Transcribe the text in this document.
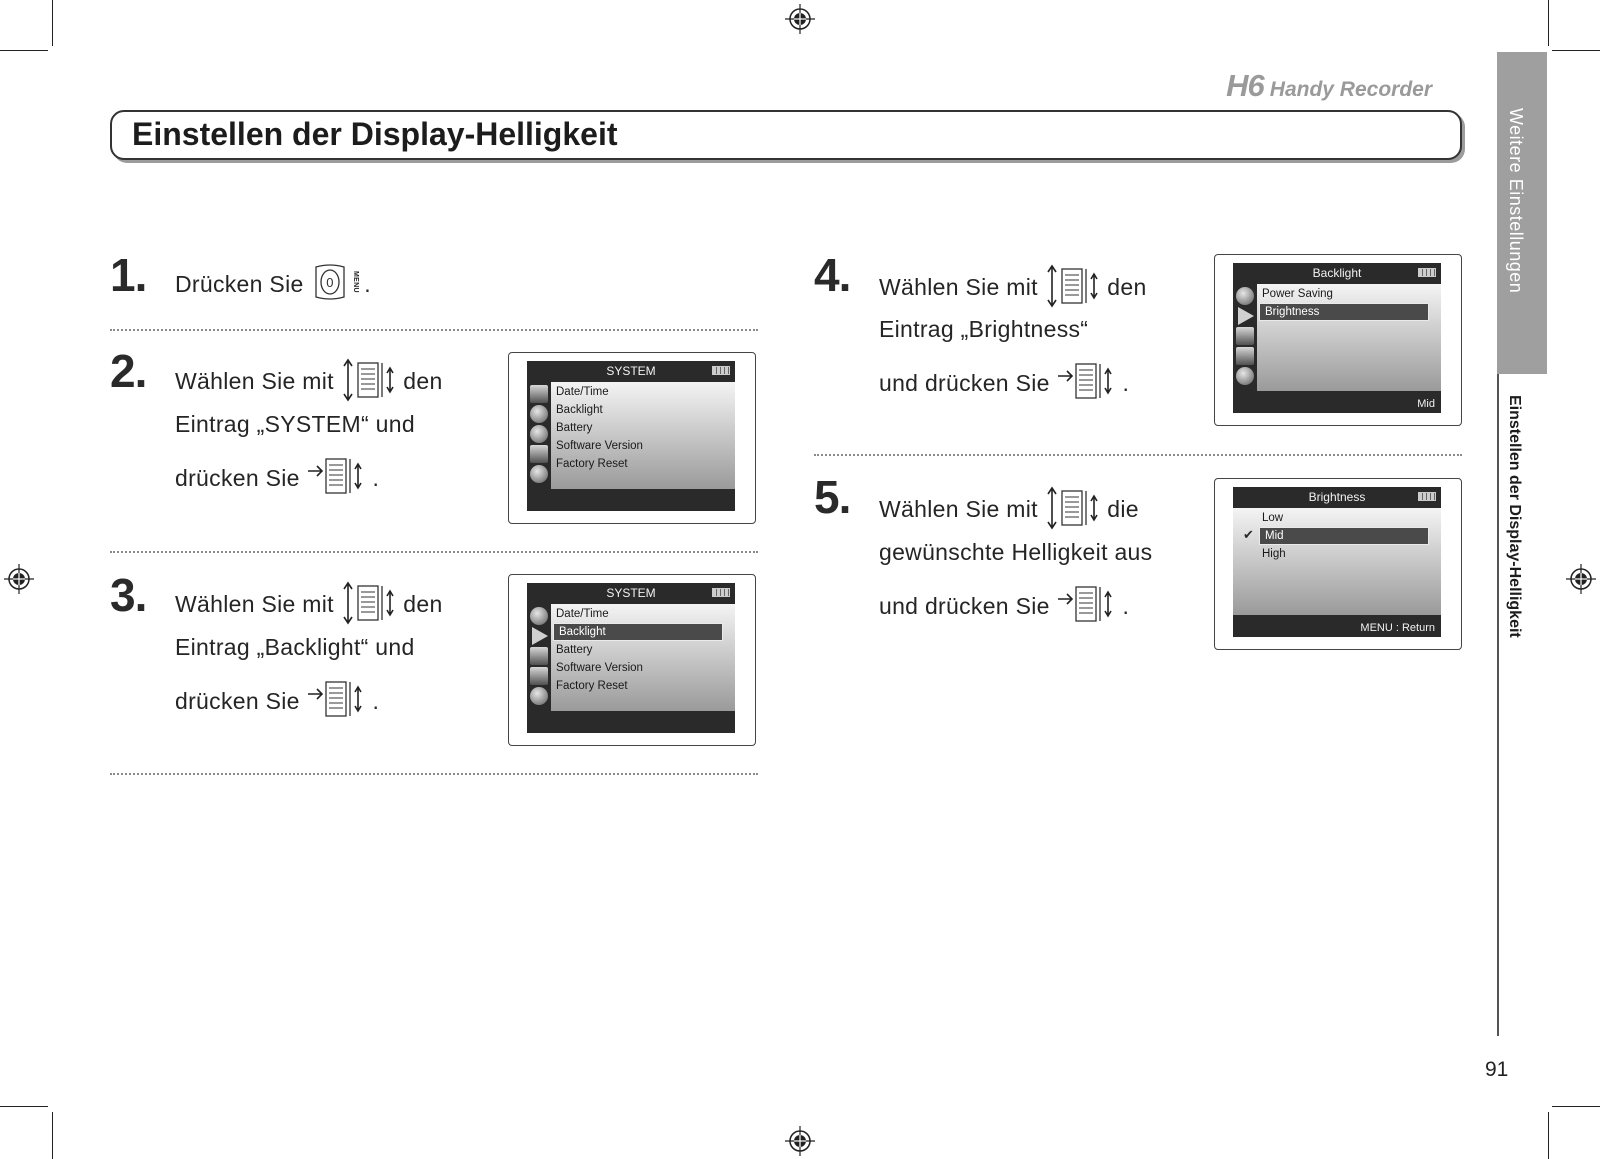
H6 Handy Recorder
Einstellen der Display-Helligkeit	Weitere Einstellungen
Einstellen der Display-Helligkeit
91
1. Drücken Sie 0	MENU .
2. Wählen Sie mit	den
Eintrag „SYSTEM“ und
drücken Sie	.
SYSTEM
Date/Time
Backlight
Battery
Software Version
Factory Reset
3. Wählen Sie mit	den
Eintrag „Backlight“ und
drücken Sie	.
SYSTEM
Date/Time
Backlight
Battery
Software Version
Factory Reset
4. Wählen Sie mit	den
Eintrag „Brightness“
und drücken Sie	.
Backlight
Power Saving
Brightness
Mid
5. Wählen Sie mit	die
gewünschte Helligkeit aus
und drücken Sie	.
Brightness
Low
✔ Mid
High
MENU : Return
